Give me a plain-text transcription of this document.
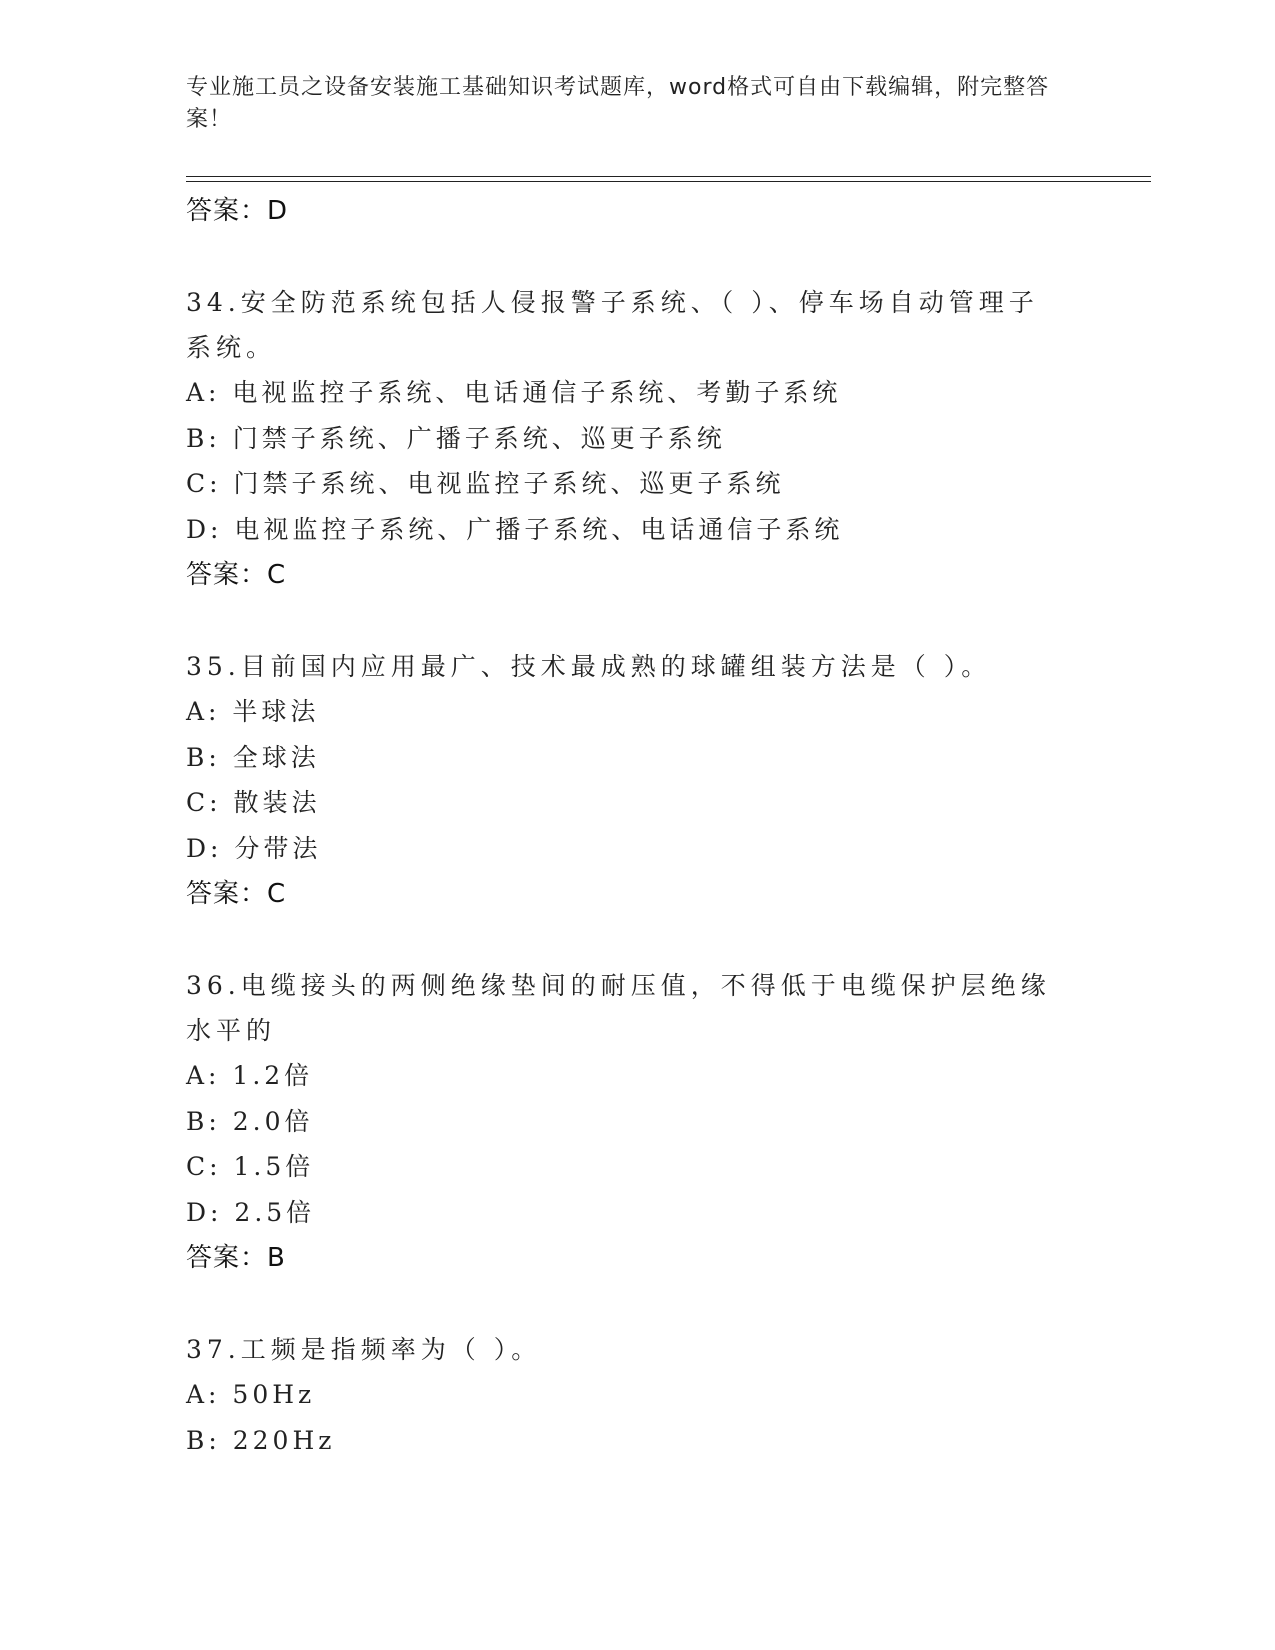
专业施工员之设备安装施工基础知识考试题库，word格式可自由下载编辑，附完整答案！
答案：D
34.安全防范系统包括人侵报警子系统、（ ）、停车场自动管理子系统。
A: 电视监控子系统、电话通信子系统、考勤子系统
B: 门禁子系统、广播子系统、巡更子系统
C: 门禁子系统、电视监控子系统、巡更子系统
D: 电视监控子系统、广播子系统、电话通信子系统
答案：C
35.目前国内应用最广、技术最成熟的球罐组装方法是（ ）。
A: 半球法
B: 全球法
C: 散装法
D: 分带法
答案：C
36.电缆接头的两侧绝缘垫间的耐压值，不得低于电缆保护层绝缘水平的
A: 1.2倍
B: 2.0倍
C: 1.5倍
D: 2.5倍
答案：B
37.工频是指频率为（ ）。
A: 50Hz
B: 220Hz
